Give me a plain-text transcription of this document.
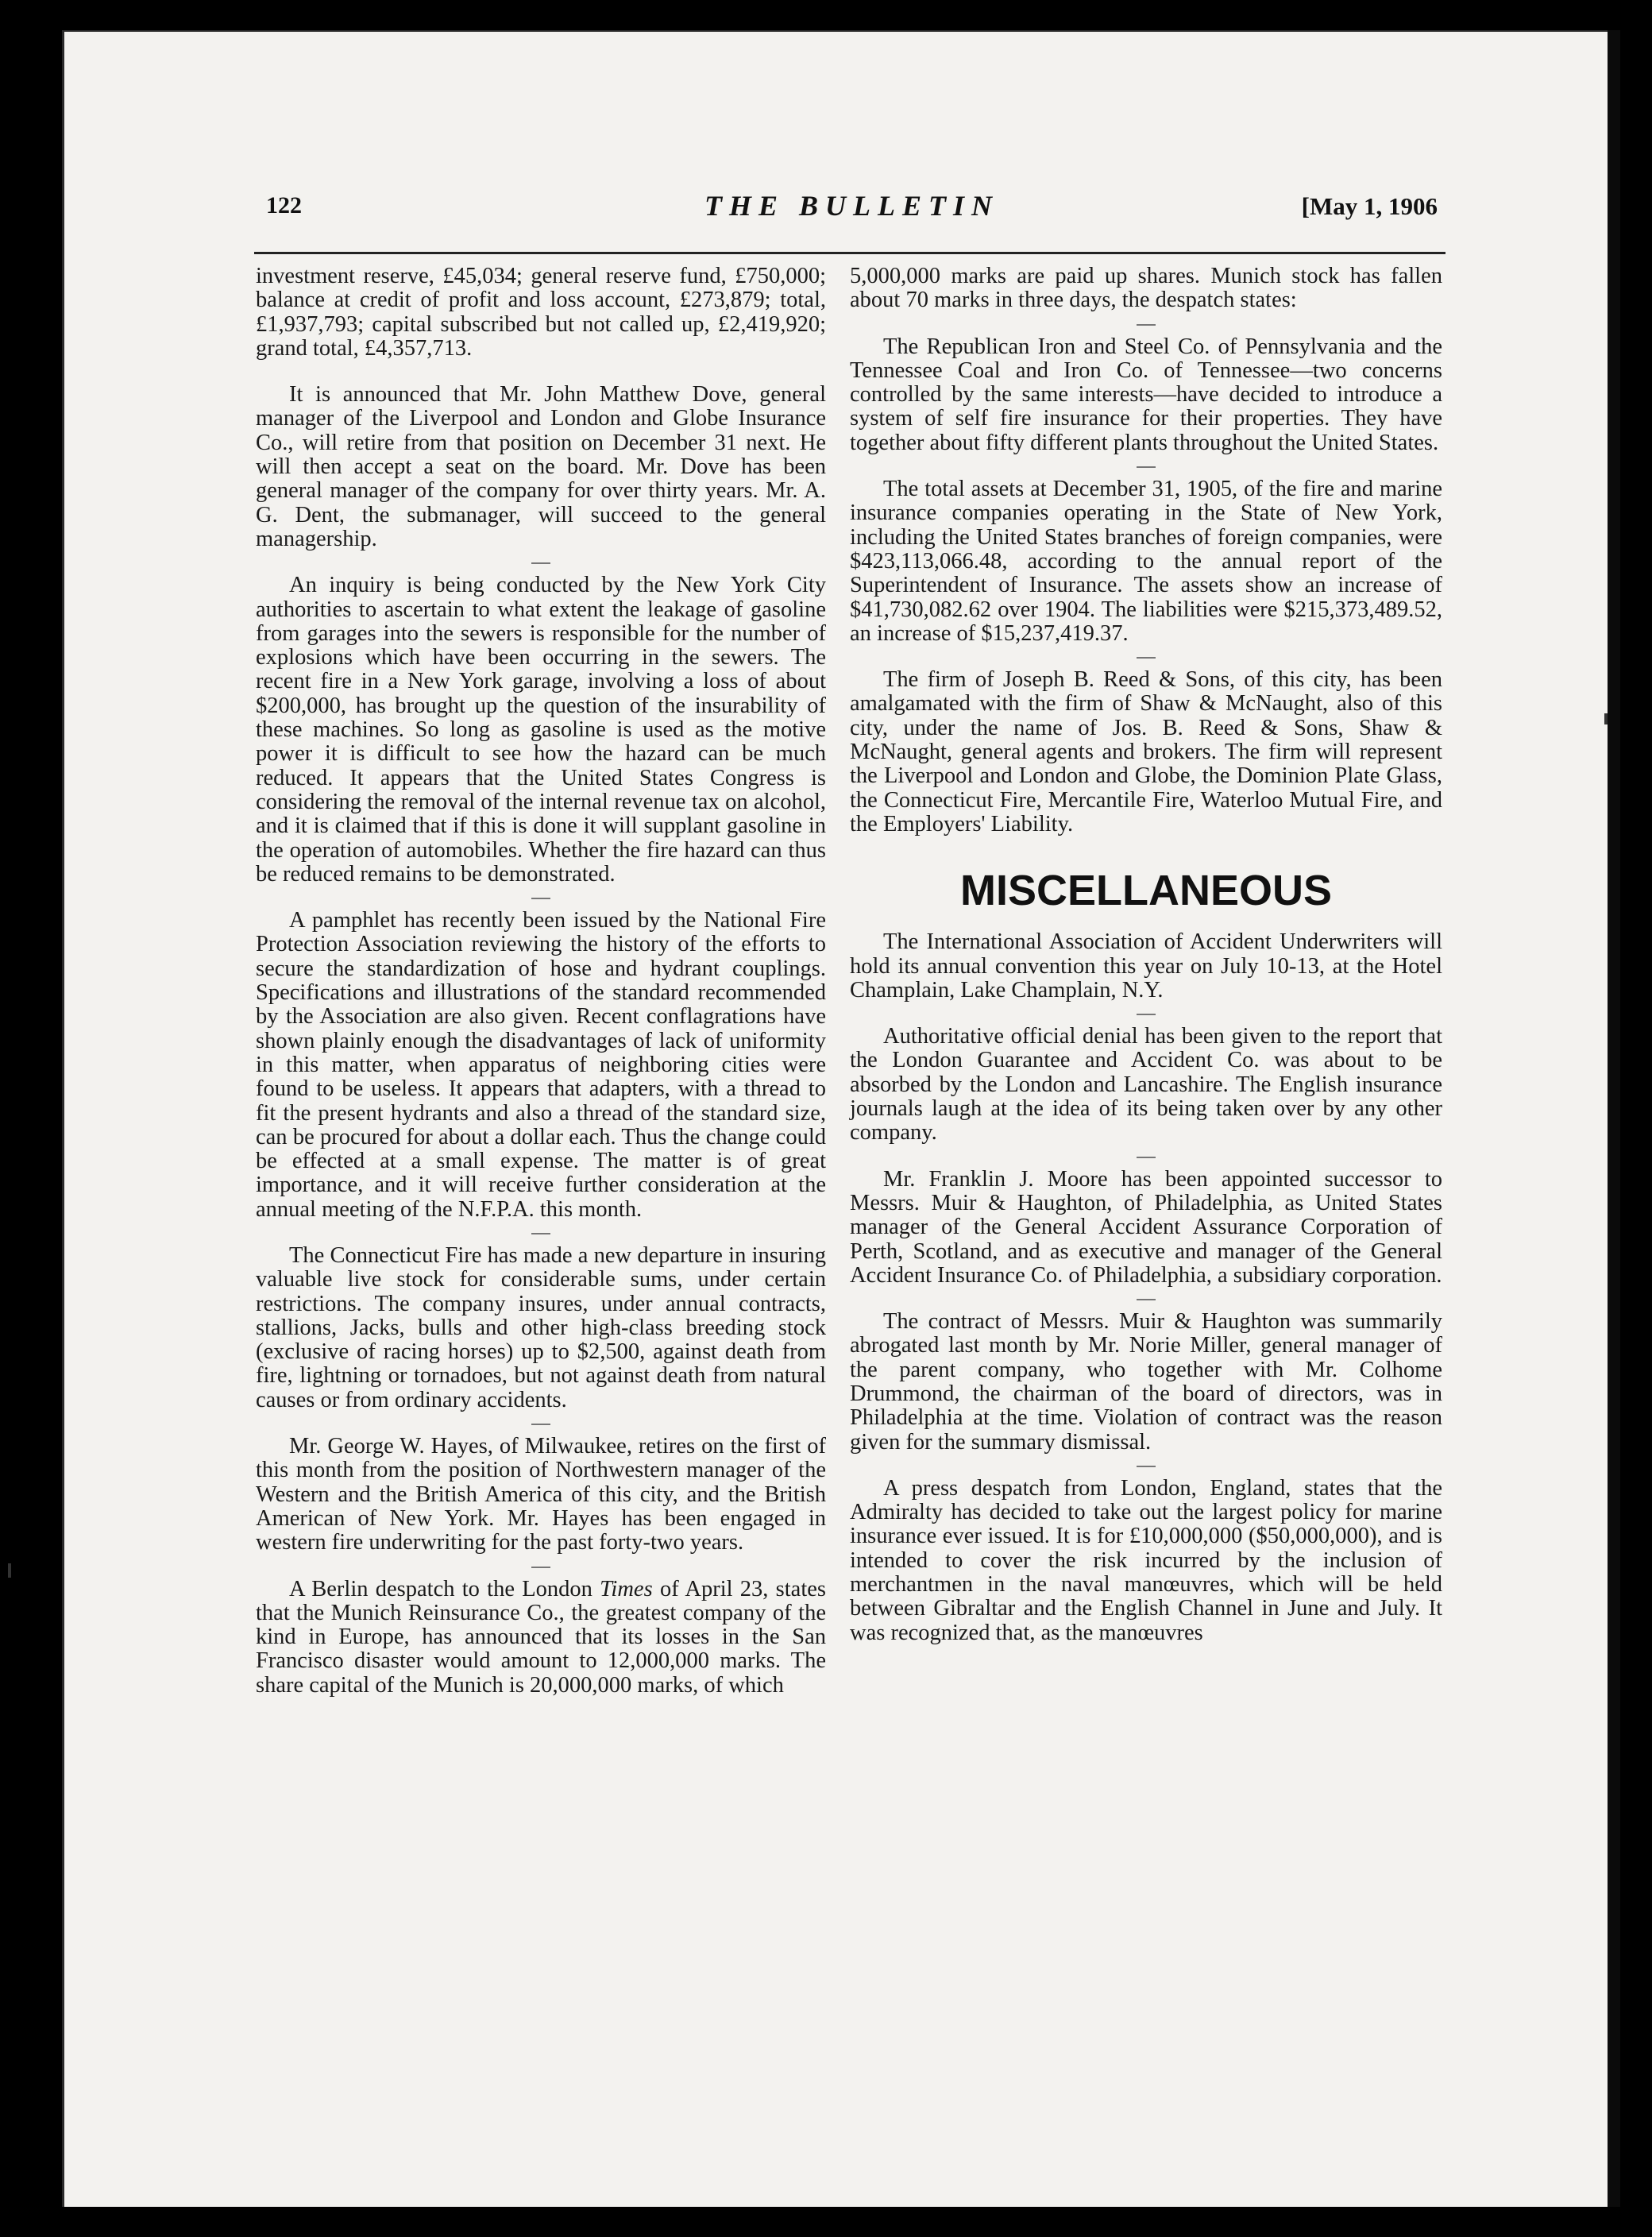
122	THE BULLETIN	[May 1, 1906

investment reserve, £45,034; general reserve fund, £750,000; balance at credit of profit and loss account, £273,879; total, £1,937,793; capital subscribed but not called up, £2,419,920; grand total, £4,357,713.

It is announced that Mr. John Matthew Dove, general manager of the Liverpool and London and Globe Insurance Co., will retire from that position on December 31 next. He will then accept a seat on the board. Mr. Dove has been general manager of the company for over thirty years. Mr. A. G. Dent, the submanager, will succeed to the general managership.

An inquiry is being conducted by the New York City authorities to ascertain to what extent the leakage of gasoline from garages into the sewers is responsible for the number of explosions which have been occurring in the sewers. The recent fire in a New York garage, involving a loss of about $200,000, has brought up the question of the insurability of these machines. So long as gasoline is used as the motive power it is difficult to see how the hazard can be much reduced. It appears that the United States Congress is considering the removal of the internal revenue tax on alcohol, and it is claimed that if this is done it will supplant gasoline in the operation of automobiles. Whether the fire hazard can thus be reduced remains to be demonstrated.

A pamphlet has recently been issued by the National Fire Protection Association reviewing the history of the efforts to secure the standardization of hose and hydrant couplings. Specifications and illustrations of the standard recommended by the Association are also given. Recent conflagrations have shown plainly enough the disadvantages of lack of uniformity in this matter, when apparatus of neighboring cities were found to be useless. It appears that adapters, with a thread to fit the present hydrants and also a thread of the standard size, can be procured for about a dollar each. Thus the change could be effected at a small expense. The matter is of great importance, and it will receive further consideration at the annual meeting of the N.F.P.A. this month.

The Connecticut Fire has made a new departure in insuring valuable live stock for considerable sums, under certain restrictions. The company insures, under annual contracts, stallions, Jacks, bulls and other high-class breeding stock (exclusive of racing horses) up to $2,500, against death from fire, lightning or tornadoes, but not against death from natural causes or from ordinary accidents.

Mr. George W. Hayes, of Milwaukee, retires on the first of this month from the position of Northwestern manager of the Western and the British America of this city, and the British American of New York. Mr. Hayes has been engaged in western fire underwriting for the past forty-two years.

A Berlin despatch to the London Times of April 23, states that the Munich Reinsurance Co., the greatest company of the kind in Europe, has announced that its losses in the San Francisco disaster would amount to 12,000,000 marks. The share capital of the Munich is 20,000,000 marks, of which

5,000,000 marks are paid up shares. Munich stock has fallen about 70 marks in three days, the despatch states:

The Republican Iron and Steel Co. of Pennsylvania and the Tennessee Coal and Iron Co. of Tennessee—two concerns controlled by the same interests—have decided to introduce a system of self fire insurance for their properties. They have together about fifty different plants throughout the United States.

The total assets at December 31, 1905, of the fire and marine insurance companies operating in the State of New York, including the United States branches of foreign companies, were $423,113,066.48, according to the annual report of the Superintendent of Insurance. The assets show an increase of $41,730,082.62 over 1904. The liabilities were $215,373,489.52, an increase of $15,237,419.37.

The firm of Joseph B. Reed & Sons, of this city, has been amalgamated with the firm of Shaw & McNaught, also of this city, under the name of Jos. B. Reed & Sons, Shaw & McNaught, general agents and brokers. The firm will represent the Liverpool and London and Globe, the Dominion Plate Glass, the Connecticut Fire, Mercantile Fire, Waterloo Mutual Fire, and the Employers' Liability.

MISCELLANEOUS

The International Association of Accident Underwriters will hold its annual convention this year on July 10-13, at the Hotel Champlain, Lake Champlain, N.Y.

Authoritative official denial has been given to the report that the London Guarantee and Accident Co. was about to be absorbed by the London and Lancashire. The English insurance journals laugh at the idea of its being taken over by any other company.

Mr. Franklin J. Moore has been appointed successor to Messrs. Muir & Haughton, of Philadelphia, as United States manager of the General Accident Assurance Corporation of Perth, Scotland, and as executive and manager of the General Accident Insurance Co. of Philadelphia, a subsidiary corporation.

The contract of Messrs. Muir & Haughton was summarily abrogated last month by Mr. Norie Miller, general manager of the parent company, who together with Mr. Colhome Drummond, the chairman of the board of directors, was in Philadelphia at the time. Violation of contract was the reason given for the summary dismissal.

A press despatch from London, England, states that the Admiralty has decided to take out the largest policy for marine insurance ever issued. It is for £10,000,000 ($50,000,000), and is intended to cover the risk incurred by the inclusion of merchantmen in the naval manœuvres, which will be held between Gibraltar and the English Channel in June and July. It was recognized that, as the manœuvres
